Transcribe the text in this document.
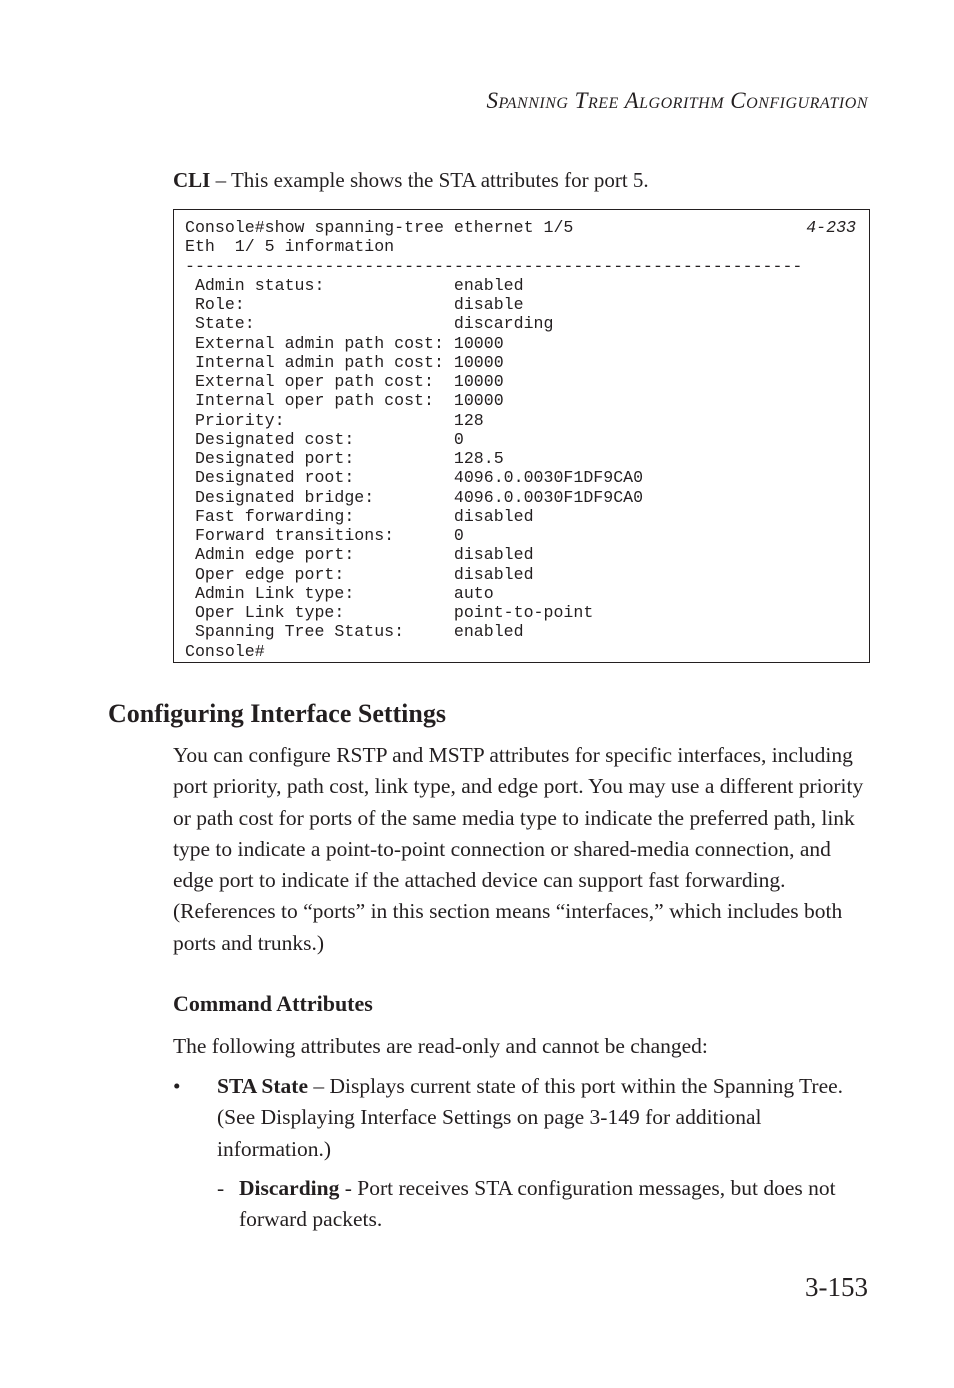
Spanning Tree Algorithm Configuration
CLI – This example shows the STA attributes for port 5.
Console#show spanning-tree ethernet 1/5
Eth  1/ 5 information
--------------------------------------------------------------
Admin status:             enabled
Role:                     disable
State:                    discarding
External admin path cost: 10000
Internal admin path cost: 10000
External oper path cost:  10000
Internal oper path cost:  10000
Priority:                 128
Designated cost:          0
Designated port:          128.5
Designated root:          4096.0.0030F1DF9CA0
Designated bridge:        4096.0.0030F1DF9CA0
Fast forwarding:          disabled
Forward transitions:      0
Admin edge port:          disabled
Oper edge port:           disabled
Admin Link type:          auto
Oper Link type:           point-to-point
Spanning Tree Status:     enabled
Console#
4-233
Configuring Interface Settings

You can configure RSTP and MSTP attributes for specific interfaces, including port priority, path cost, link type, and edge port. You may use a different priority or path cost for ports of the same media type to indicate the preferred path, link type to indicate a point-to-point connection or shared-media connection, and edge port to indicate if the attached device can support fast forwarding. (References to “ports” in this section means “interfaces,” which includes both ports and trunks.)

Command Attributes

The following attributes are read-only and cannot be changed:

• STA State – Displays current state of this port within the Spanning Tree. (See Displaying Interface Settings on page 3-149 for additional information.)
- Discarding - Port receives STA configuration messages, but does not forward packets.
3-153
